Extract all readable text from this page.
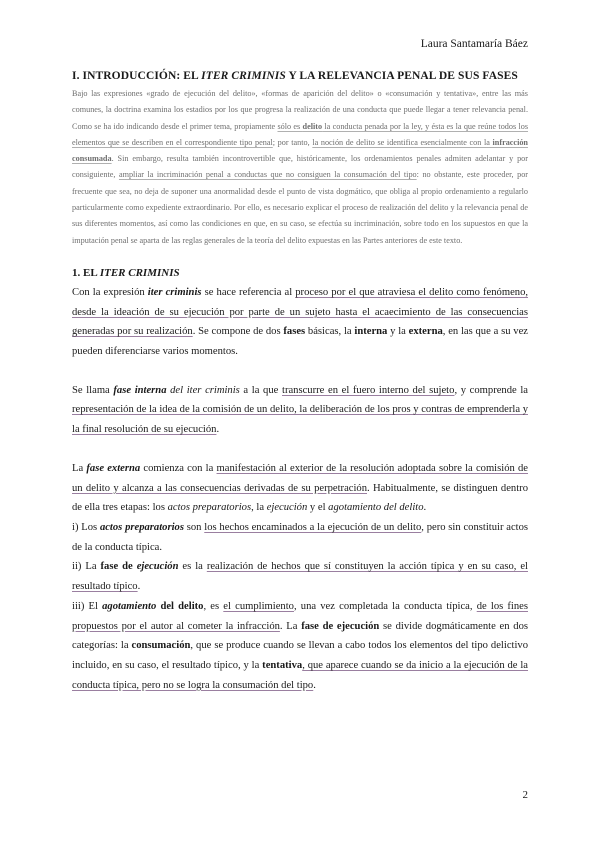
Laura Santamaría Báez
I. INTRODUCCIÓN: EL ITER CRIMINIS Y LA RELEVANCIA PENAL DE SUS FASES

Bajo las expresiones «grado de ejecución del delito», «formas de aparición del delito» o «consumación y tentativa», entre las más comunes, la doctrina examina los estadios por los que progresa la realización de una conducta que puede llegar a tener relevancia penal. Como se ha ido indicando desde el primer tema, propiamente sólo es delito la conducta penada por la ley, y ésta es la que reúne todos los elementos que se describen en el correspondiente tipo penal; por tanto, la noción de delito se identifica esencialmente con la infracción consumada. Sin embargo, resulta también incontrovertible que, históricamente, los ordenamientos penales admiten adelantar y por consiguiente, ampliar la incriminación penal a conductas que no consiguen la consumación del tipo: no obstante, este proceder, por frecuente que sea, no deja de suponer una anormalidad desde el punto de vista dogmático, que obliga al propio ordenamiento a regularlo particularmente como expediente extraordinario. Por ello, es necesario explicar el proceso de realización del delito y la relevancia penal de sus diferentes momentos, así como las condiciones en que, en su caso, se efectúa su incriminación, sobre todo en los supuestos en que la imputación penal se aparta de las reglas generales de la teoría del delito expuestas en las Partes anteriores de este texto.

1. EL ITER CRIMINIS

Con la expresión iter criminis se hace referencia al proceso por el que atraviesa el delito como fenómeno, desde la ideación de su ejecución por parte de un sujeto hasta el acaecimiento de las consecuencias generadas por su realización. Se compone de dos fases básicas, la interna y la externa, en las que a su vez pueden diferenciarse varios momentos.

Se llama fase interna del iter criminis a la que transcurre en el fuero interno del sujeto, y comprende la representación de la idea de la comisión de un delito, la deliberación de los pros y contras de emprenderla y la final resolución de su ejecución.

La fase externa comienza con la manifestación al exterior de la resolución adoptada sobre la comisión de un delito y alcanza a las consecuencias derivadas de su perpetración. Habitualmente, se distinguen dentro de ella tres etapas: los actos preparatorios, la ejecución y el agotamiento del delito.

i) Los actos preparatorios son los hechos encaminados a la ejecución de un delito, pero sin constituir actos de la conducta típica.

ii) La fase de ejecución es la realización de hechos que sí constituyen la acción típica y en su caso, el resultado típico.

iii) El agotamiento del delito, es el cumplimiento, una vez completada la conducta típica, de los fines propuestos por el autor al cometer la infracción. La fase de ejecución se divide dogmáticamente en dos categorías: la consumación, que se produce cuando se llevan a cabo todos los elementos del tipo delictivo incluido, en su caso, el resultado típico, y la tentativa, que aparece cuando se da inicio a la ejecución de la conducta típica, pero no se logra la consumación del tipo.

2
